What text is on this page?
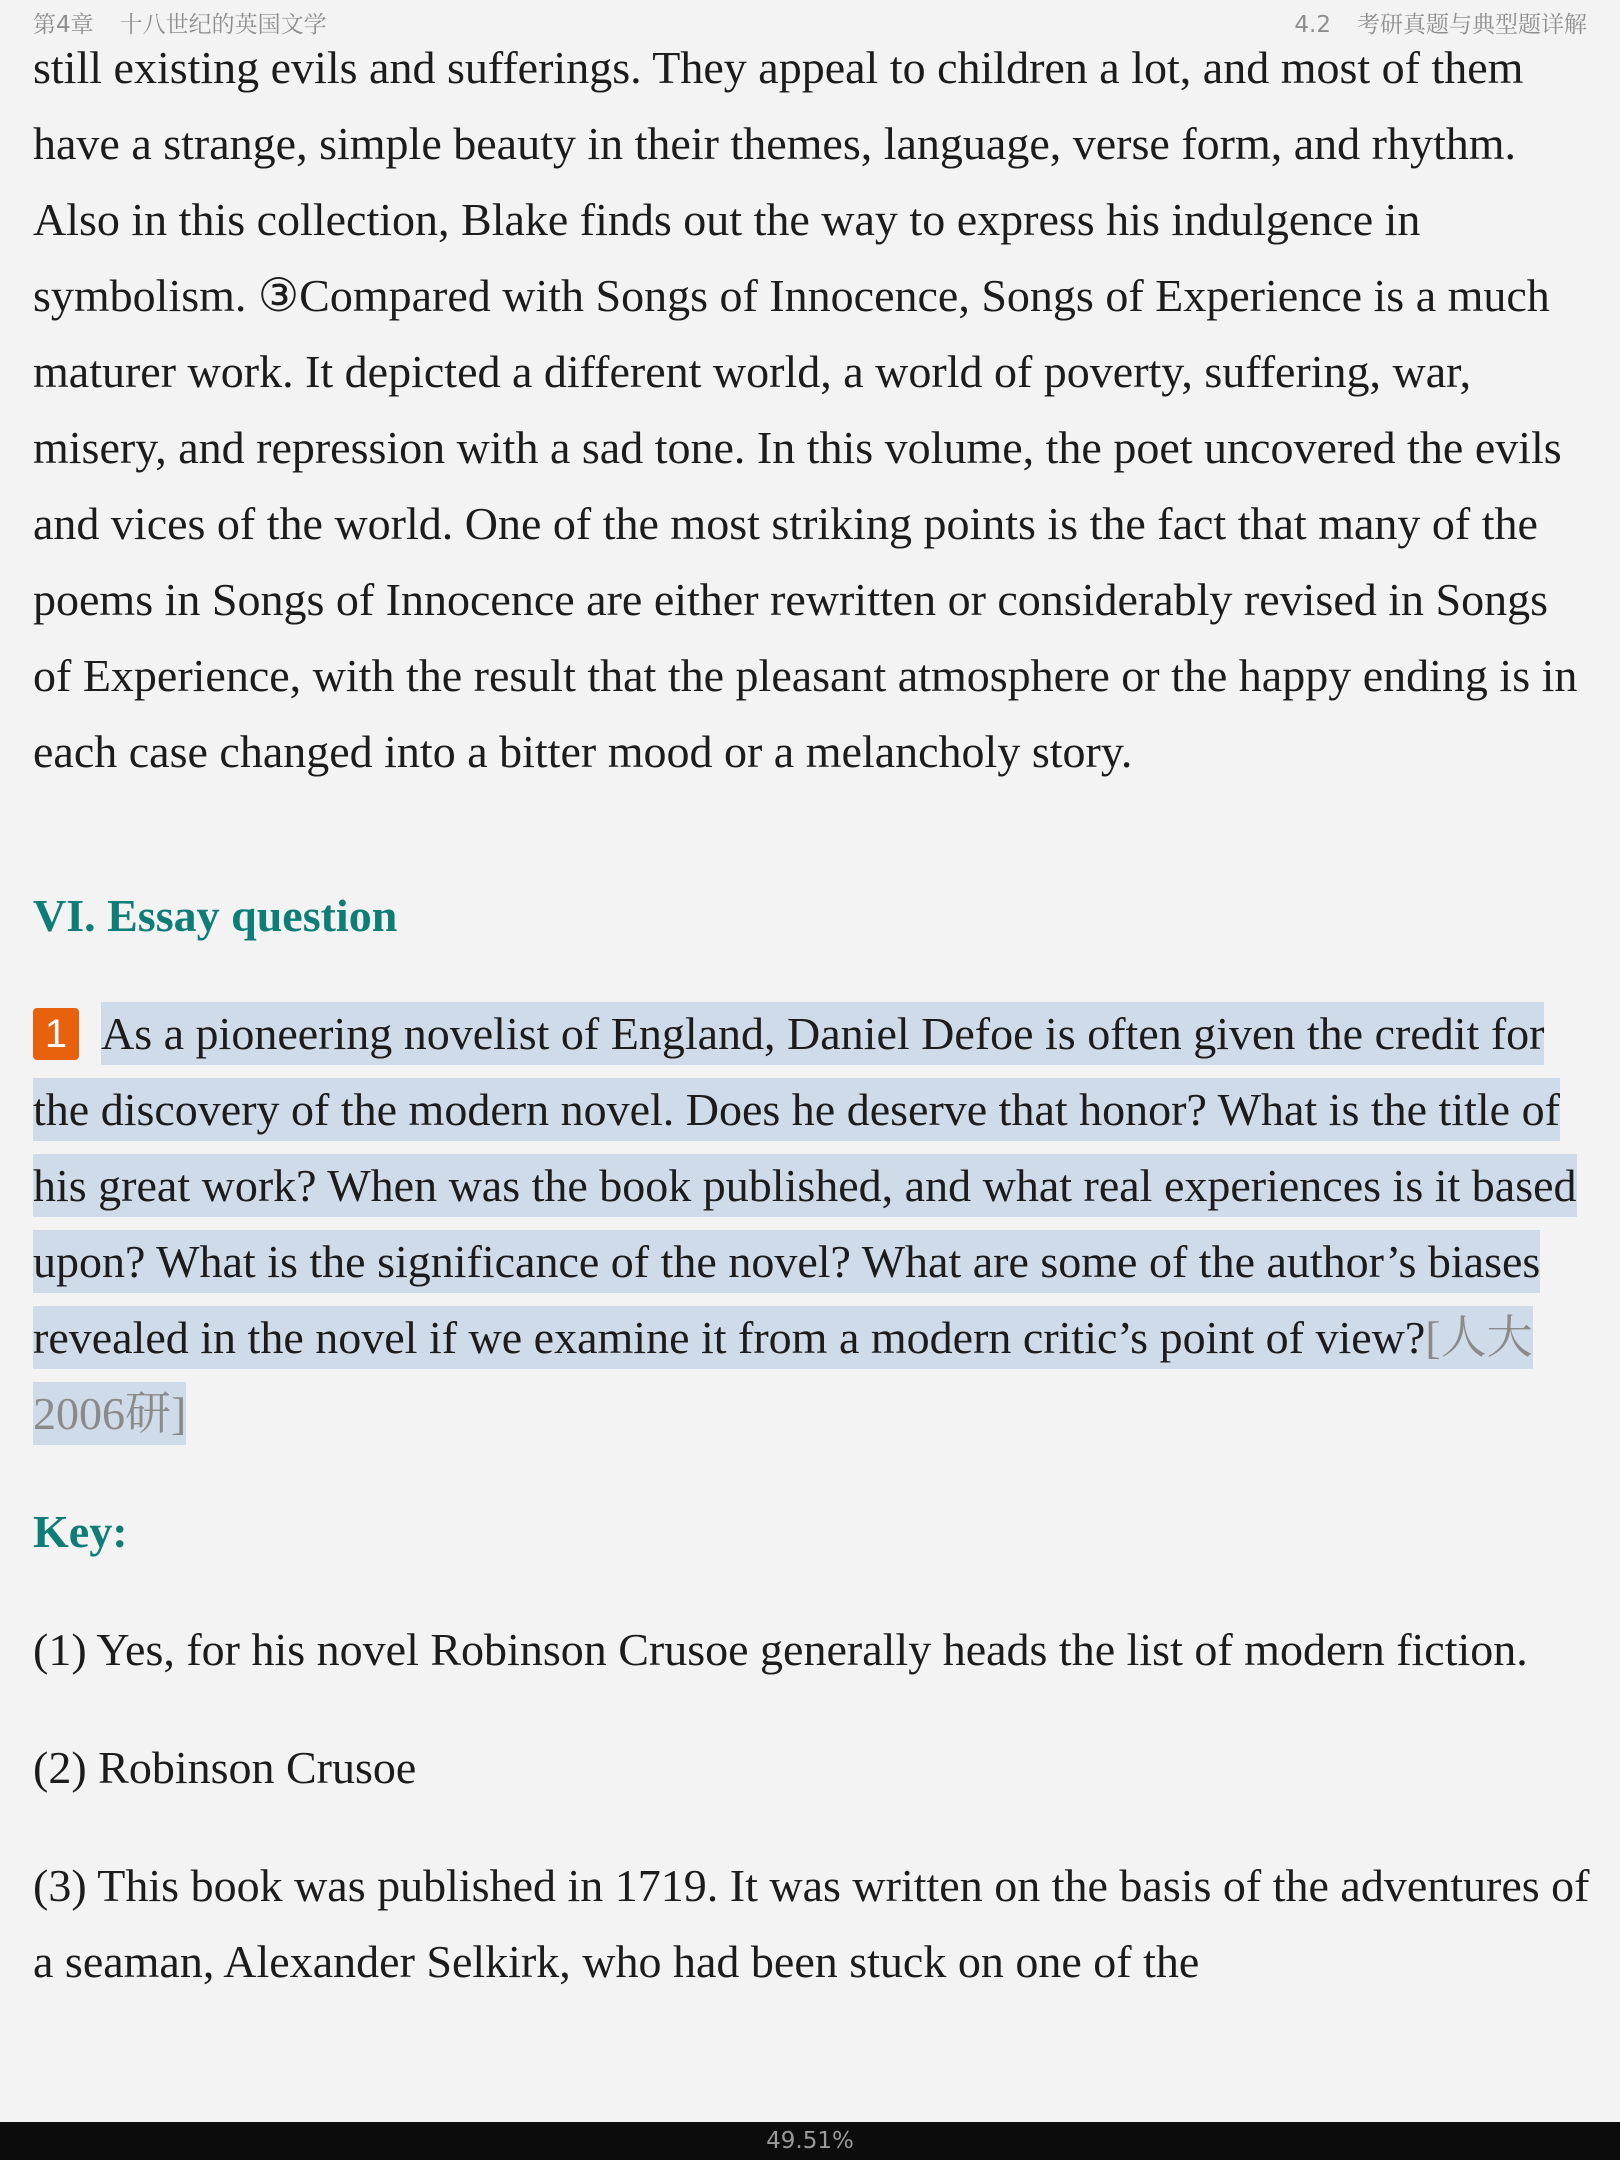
第4章 十八世纪的英国文学	4.2 考研真题与典型题详解

still existing evils and sufferings. They appeal to children a lot, and most of them have a strange, simple beauty in their themes, language, verse form, and rhythm. Also in this collection, Blake finds out the way to express his indulgence in symbolism. ③Compared with Songs of Innocence, Songs of Experience is a much maturer work. It depicted a different world, a world of poverty, suffering, war, misery, and repression with a sad tone. In this volume, the poet uncovered the evils and vices of the world. One of the most striking points is the fact that many of the poems in Songs of Innocence are either rewritten or considerably revised in Songs of Experience, with the result that the pleasant atmosphere or the happy ending is in each case changed into a bitter mood or a melancholy story.

VI. Essay question
1 As a pioneering novelist of England, Daniel Defoe is often given the credit for the discovery of the modern novel. Does he deserve that honor? What is the title of his great work? When was the book published, and what real experiences is it based upon? What is the significance of the novel? What are some of the author’s biases revealed in the novel if we examine it from a modern critic’s point of view?[人大2006研]
Key:

(1) Yes, for his novel Robinson Crusoe generally heads the list of modern fiction.

(2) Robinson Crusoe

(3) This book was published in 1719. It was written on the basis of the adventures of a seaman, Alexander Selkirk, who had been stuck on one of the

49.51%
